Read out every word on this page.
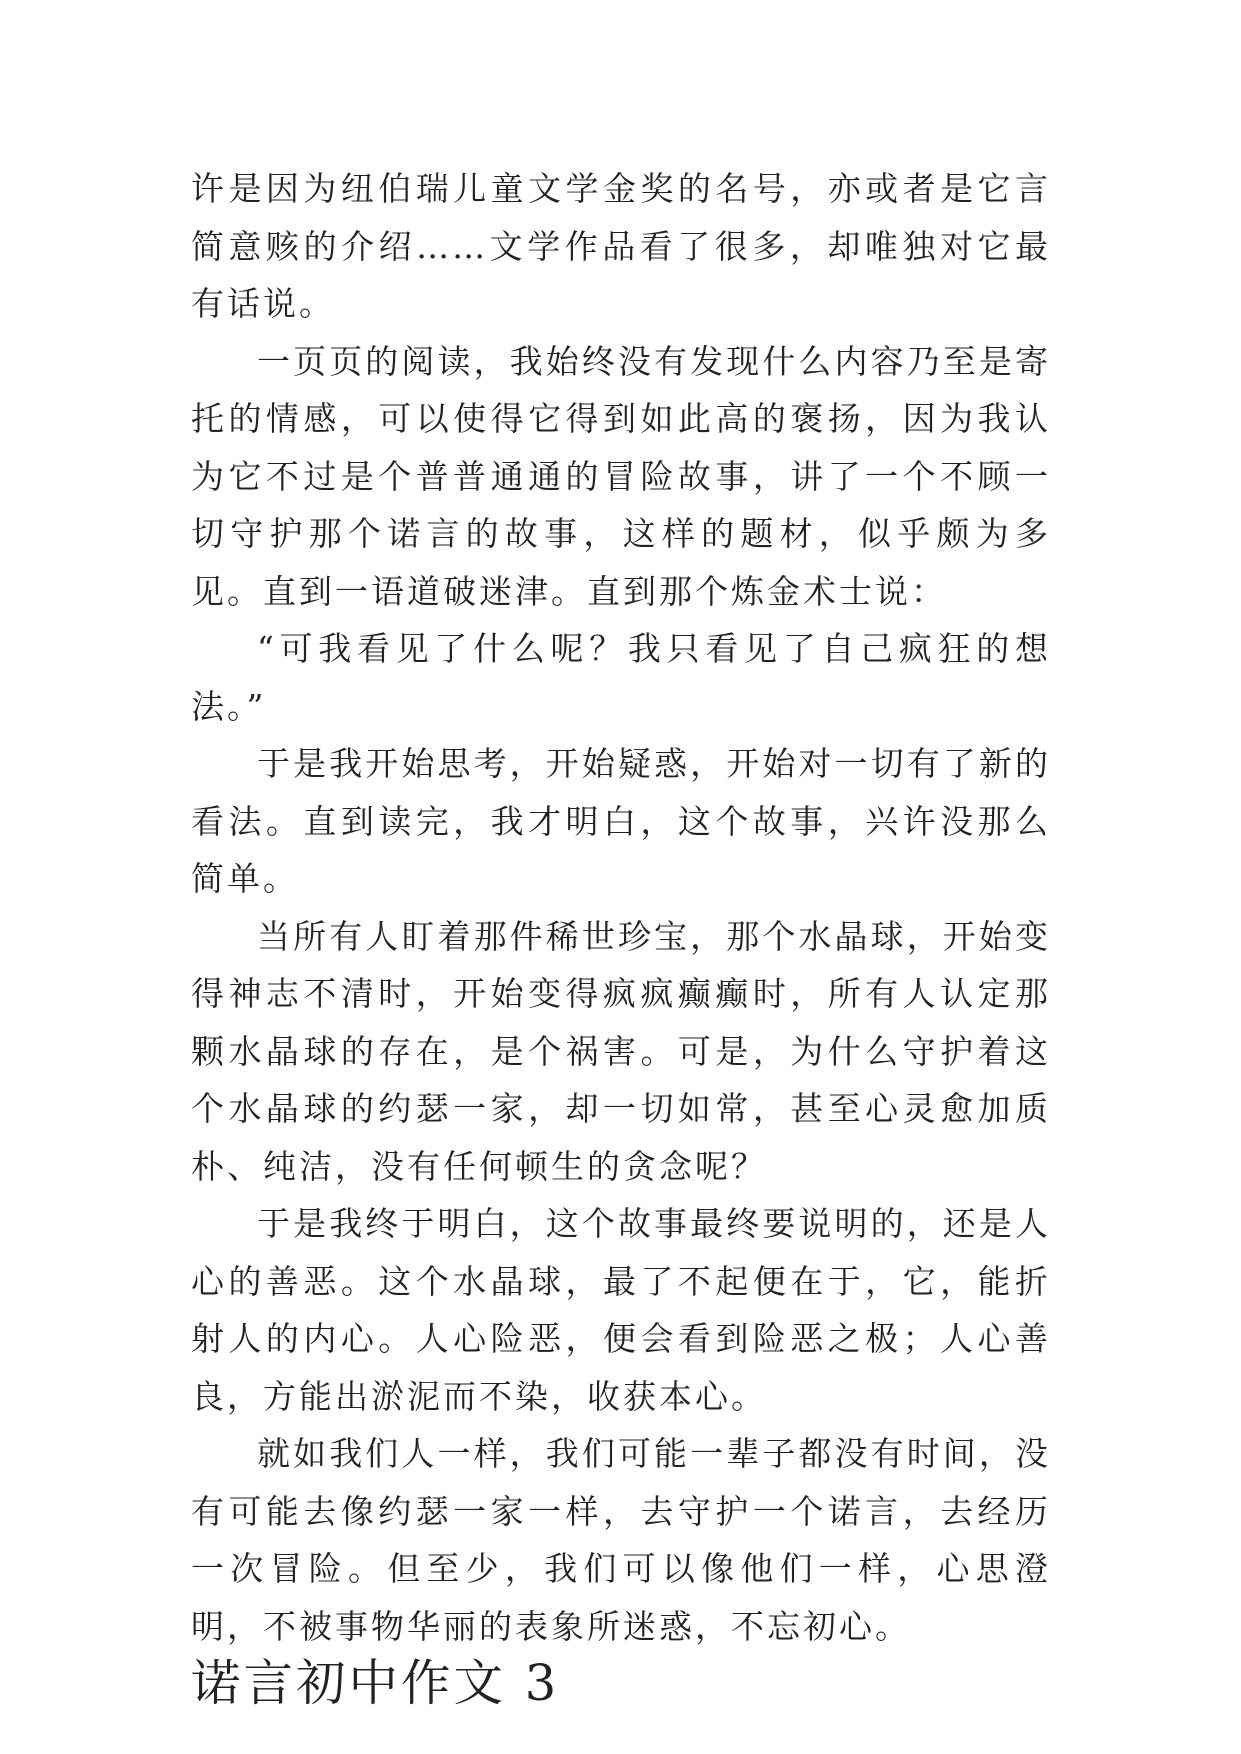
许是因为纽伯瑞儿童文学金奖的名号，亦或者是它言简意赅的介绍……文学作品看了很多，却唯独对它最有话说。

一页页的阅读，我始终没有发现什么内容乃至是寄托的情感，可以使得它得到如此高的褒扬，因为我认为它不过是个普普通通的冒险故事，讲了一个不顾一切守护那个诺言的故事，这样的题材，似乎颇为多见。直到一语道破迷津。直到那个炼金术士说：

“可我看见了什么呢？我只看见了自己疯狂的想法。”

于是我开始思考，开始疑惑，开始对一切有了新的看法。直到读完，我才明白，这个故事，兴许没那么简单。

当所有人盯着那件稀世珍宝，那个水晶球，开始变得神志不清时，开始变得疯疯癫癫时，所有人认定那颗水晶球的存在，是个祸害。可是，为什么守护着这个水晶球的约瑟一家，却一切如常，甚至心灵愈加质朴、纯洁，没有任何顿生的贪念呢？

于是我终于明白，这个故事最终要说明的，还是人心的善恶。这个水晶球，最了不起便在于，它，能折射人的内心。人心险恶，便会看到险恶之极；人心善良，方能出淤泥而不染，收获本心。

就如我们人一样，我们可能一辈子都没有时间，没有可能去像约瑟一家一样，去守护一个诺言，去经历一次冒险。但至少，我们可以像他们一样，心思澄明，不被事物华丽的表象所迷惑，不忘初心。

诺言初中作文 3
